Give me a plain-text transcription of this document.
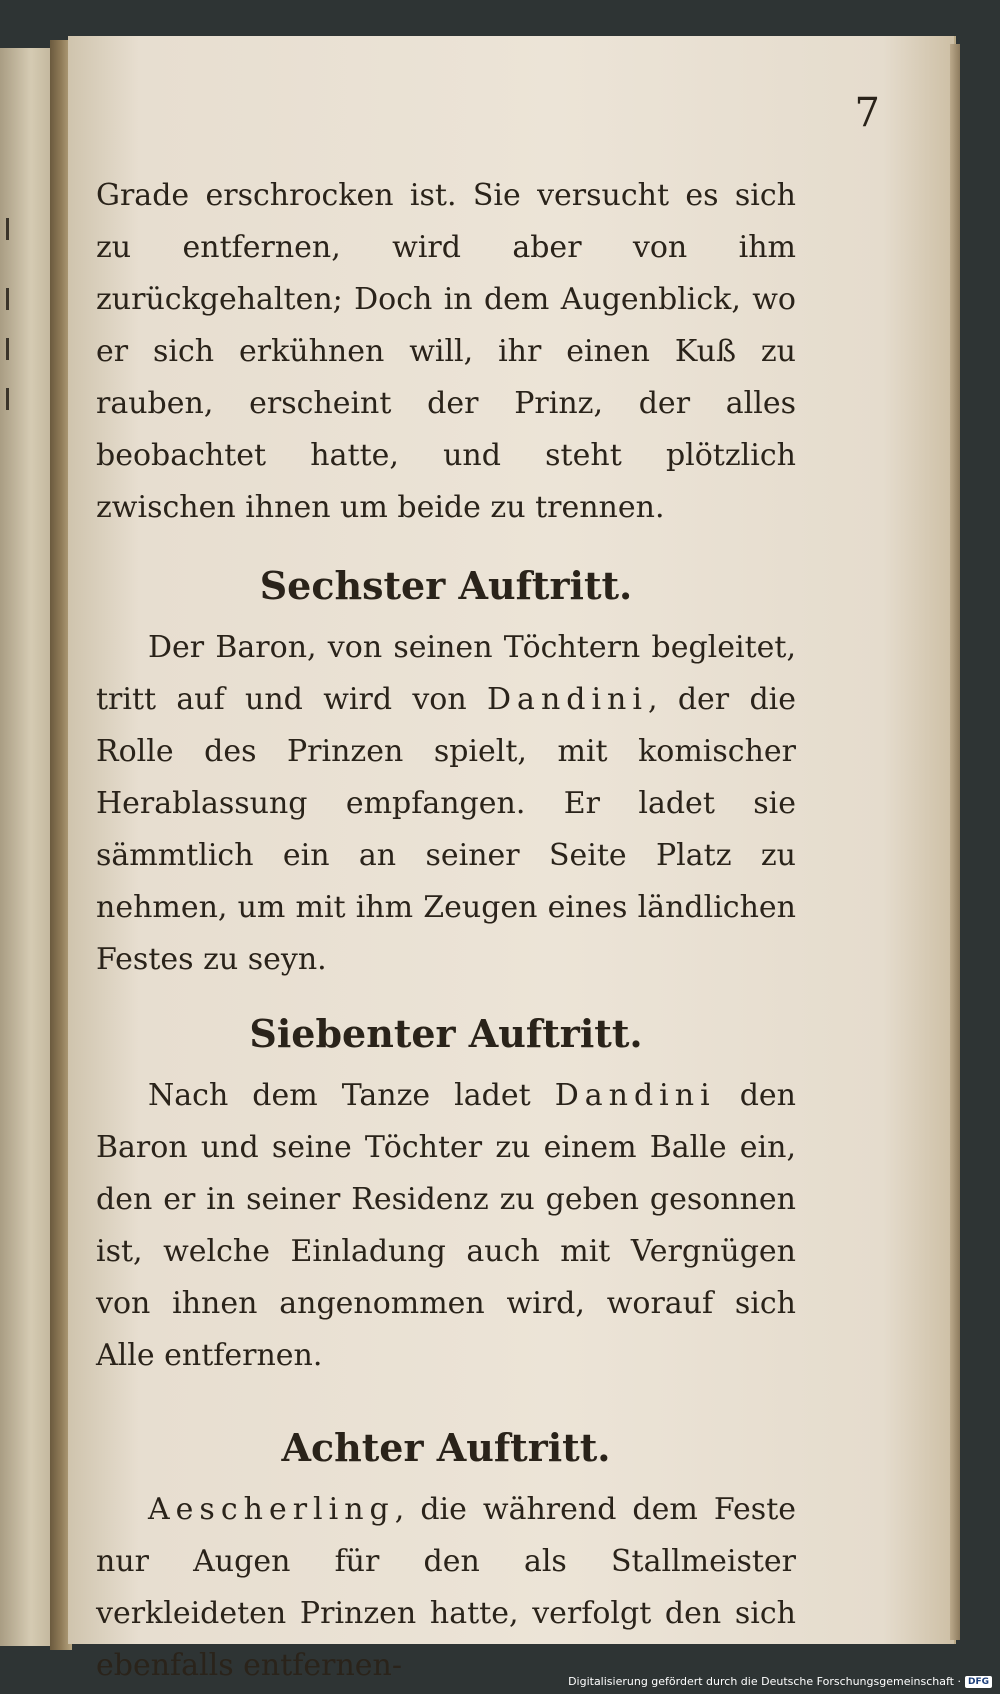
7

Grade erschrocken ist. Sie versucht es sich zu entfernen, wird aber von ihm zurückgehalten; Doch in dem Augenblick, wo er sich erkühnen will, ihr einen Kuß zu rauben, erscheint der Prinz, der alles beobachtet hatte, und steht plötzlich zwischen ihnen um beide zu trennen.

Sechster Auftritt.

Der Baron, von seinen Töchtern begleitet, tritt auf und wird von Dandini, der die Rolle des Prinzen spielt, mit komischer Herablassung empfangen. Er ladet sie sämmtlich ein an seiner Seite Platz zu nehmen, um mit ihm Zeugen eines ländlichen Festes zu seyn.

Siebenter Auftritt.

Nach dem Tanze ladet Dandini den Baron und seine Töchter zu einem Balle ein, den er in seiner Residenz zu geben gesonnen ist, welche Einladung auch mit Vergnügen von ihnen angenommen wird, worauf sich Alle entfernen.

Achter Auftritt.

Aescherling, die während dem Feste nur Augen für den als Stallmeister verkleideten Prinzen hatte, verfolgt den sich ebenfalls entfernen-	Digitalisierung gefördert durch die Deutsche Forschungsgemeinschaft · DFG
